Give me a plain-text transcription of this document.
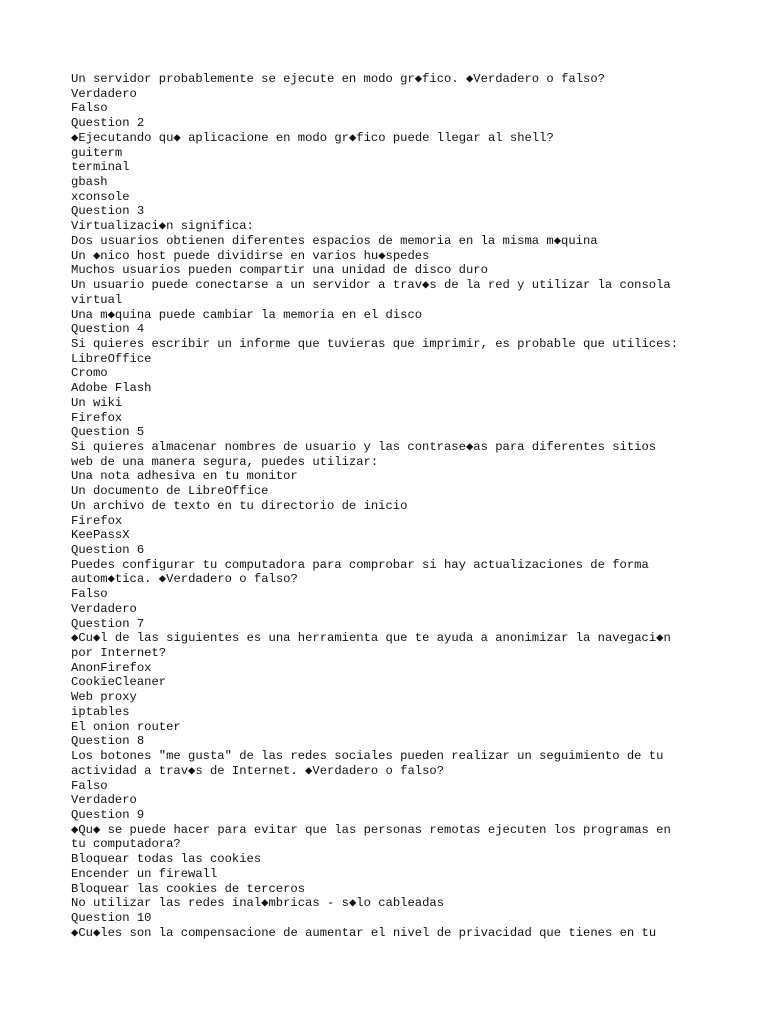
Un servidor probablemente se ejecute en modo gr◆fico. ◆Verdadero o falso?
Verdadero
Falso
Question 2
◆Ejecutando qu◆ aplicacione en modo gr◆fico puede llegar al shell?
guiterm
terminal
gbash
xconsole
Question 3
Virtualizaci◆n significa:
Dos usuarios obtienen diferentes espacios de memoria en la misma m◆quina
Un ◆nico host puede dividirse en varios hu◆spedes
Muchos usuarios pueden compartir una unidad de disco duro
Un usuario puede conectarse a un servidor a trav◆s de la red y utilizar la consola
virtual
Una m◆quina puede cambiar la memoria en el disco
Question 4
Si quieres escribir un informe que tuvieras que imprimir, es probable que utilices:
LibreOffice
Cromo
Adobe Flash
Un wiki
Firefox
Question 5
Si quieres almacenar nombres de usuario y las contrase◆as para diferentes sitios
web de una manera segura, puedes utilizar:
Una nota adhesiva en tu monitor
Un documento de LibreOffice
Un archivo de texto en tu directorio de inicio
Firefox
KeePassX
Question 6
Puedes configurar tu computadora para comprobar si hay actualizaciones de forma
autom◆tica. ◆Verdadero o falso?
Falso
Verdadero
Question 7
◆Cu◆l de las siguientes es una herramienta que te ayuda a anonimizar la navegaci◆n
por Internet?
AnonFirefox
CookieCleaner
Web proxy
iptables
El onion router
Question 8
Los botones "me gusta" de las redes sociales pueden realizar un seguimiento de tu
actividad a trav◆s de Internet. ◆Verdadero o falso?
Falso
Verdadero
Question 9
◆Qu◆ se puede hacer para evitar que las personas remotas ejecuten los programas en
tu computadora?
Bloquear todas las cookies
Encender un firewall
Bloquear las cookies de terceros
No utilizar las redes inal◆mbricas - s◆lo cableadas
Question 10
◆Cu◆les son la compensacione de aumentar el nivel de privacidad que tienes en tu
